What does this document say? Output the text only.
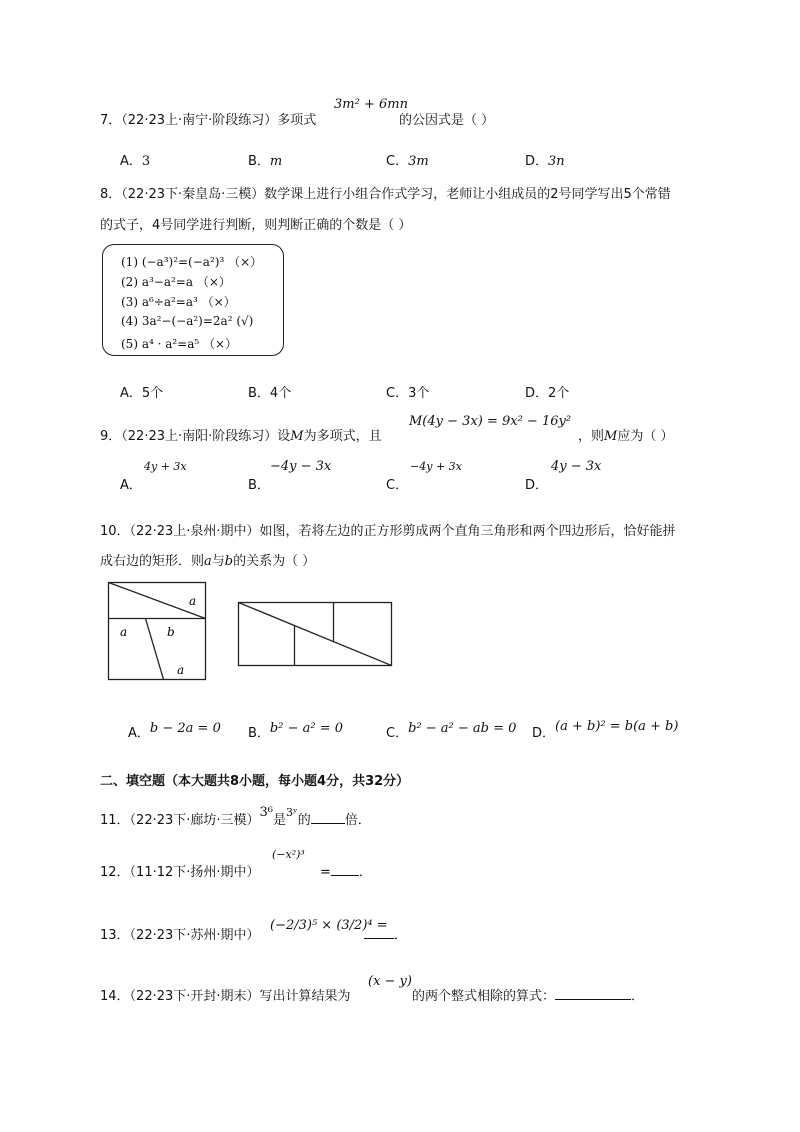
7．（22·23上·南宁·阶段练习）多项式
3m² + 6mn
的公因式是（ ）
A．3	B．m	C．3m	D．3n
8．（22·23下·秦皇岛·三模）数学课上进行小组合作式学习，老师让小组成员的2号同学写出5个常错
的式子，4号同学进行判断，则判断正确的个数是（ ）
(1) (−a³)²=(−a²)³ （×）
(2) a³−a²=a （×）
(3) a⁶÷a²=a³ （×）
(4) 3a²−(−a²)=2a² (√)
(5) a⁴ · a²=a⁵ （×）
A．5个	B．4个	C．3个	D．2个
9．（22·23上·南阳·阶段练习）设M为多项式，且
M(4y − 3x) = 9x² − 16y²
，则M应为（ ）
A．
4y + 3x
B．
−4y − 3x
C．
−4y + 3x
D．
4y − 3x
10．（22·23上·泉州·期中）如图，若将左边的正方形剪成两个直角三角形和两个四边形后，恰好能拼
成右边的矩形．则a与b的关系为（ ）
a
a	b
a
A．b − 2a = 0 B．b² − a² = 0	C．b² − a² − ab = 0 D．(a + b)² = b(a + b)
二、填空题（本大题共8小题，每小题4分，共32分）
11．（22·23下·廊坊·三模）3⁶是$^{3ʸ}$的	倍．
12．（11·12下·扬州·期中）
(−x²)³
= ．
13．（22·23下·苏州·期中）
(−2/3)⁵ × (3/2)⁴ =
．
14．（22·23下·开封·期末）写出计算结果为
(x − y)
的两个整式相除的算式：	．
